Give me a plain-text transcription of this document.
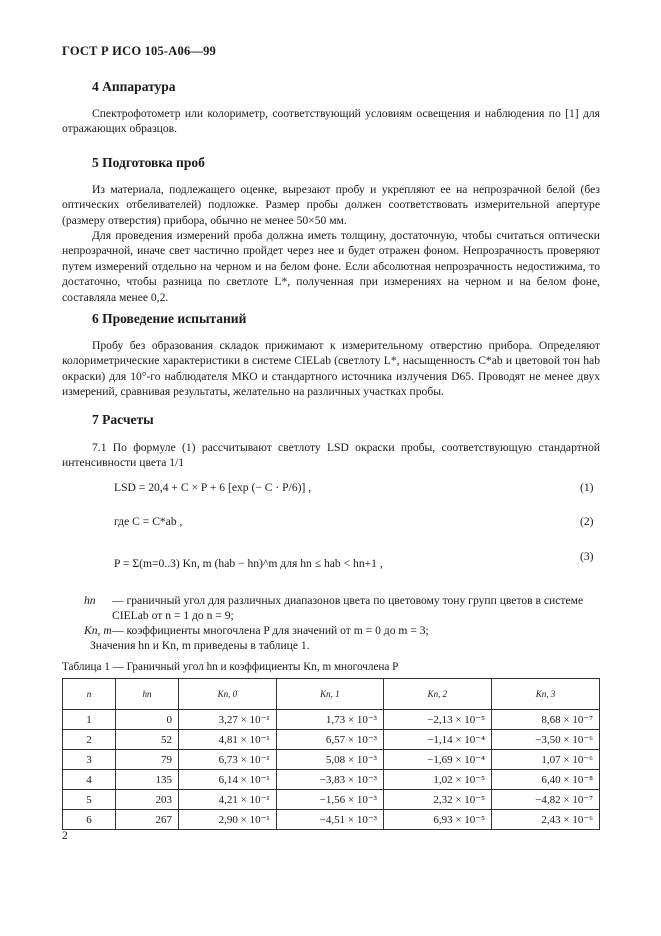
ГОСТ Р ИСО 105-А06—99
4 Аппаратура

Спектрофотометр или колориметр, соответствующий условиям освещения и наблюдения по [1] для отражающих образцов.

5 Подготовка проб

Из материала, подлежащего оценке, вырезают пробу и укрепляют ее на непрозрачной белой (без оптических отбеливателей) подложке. Размер пробы должен соответствовать измерительной апертуре (размеру отверстия) прибора, обычно не менее 50×50 мм.

Для проведения измерений проба должна иметь толщину, достаточную, чтобы считаться оптически непрозрачной, иначе свет частично пройдет через нее и будет отражен фоном. Непрозрачность проверяют путем измерений отдельно на черном и на белом фоне. Если абсолютная непрозрачность недостижима, то достаточно, чтобы разница по светлоте L*, полученная при измерениях на черном и на белом фоне, составляла менее 0,2.

6 Проведение испытаний

Пробу без образования складок прижимают к измерительному отверстию прибора. Определяют колориметрические характеристики в системе CIELab (светлоту L*, насыщенность C*ab и цветовой тон hab окраски) для 10°-го наблюдателя МКО и стандартного источника излучения D65. Проводят не менее двух измерений, сравнивая результаты, желательно на различных участках пробы.

7 Расчеты

7.1 По формуле (1) рассчитывают светлоту LSD окраски пробы, соответствующую стандартной интенсивности цвета 1/1

LSD = 20,4 + C × P + 6 [exp (− C · P/6)] ,	(1)
где C = C*ab ,	(2)
P = Σ(m=0..3) Kn, m (hab − hn)^m для hn ≤ hab < hn+1 ,
(3)
hn	— граничный угол для различных диапазонов цвета по цветовому тону групп цветов в системе CIELab от n = 1 до n = 9;
Kn, m — коэффициенты многочлена P для значений от m = 0 до m = 3;
Значения hn и Kn, m приведены в таблице 1.
Таблица 1 — Граничный угол hn и коэффициенты Kn, m многочлена P
n	hn	Kn, 0	Kn, 1	Kn, 2	Kn, 3
1	0	3,27 × 10⁻¹	1,73 × 10⁻³	−2,13 × 10⁻⁵	8,68 × 10⁻⁷
2	52	4,81 × 10⁻¹	6,57 × 10⁻³	−1,14 × 10⁻⁴	−3,50 × 10⁻⁶
3	79	6,73 × 10⁻¹	5,08 × 10⁻³	−1,69 × 10⁻⁴	1,07 × 10⁻⁶
4	135	6,14 × 10⁻¹	−3,83 × 10⁻³	1,02 × 10⁻⁵	6,40 × 10⁻⁸
5	203	4,21 × 10⁻¹	−1,56 × 10⁻³	2,32 × 10⁻⁵	−4,82 × 10⁻⁷
6	267	2,90 × 10⁻¹	−4,51 × 10⁻³	6,93 × 10⁻⁵	2,43 × 10⁻⁶
2
